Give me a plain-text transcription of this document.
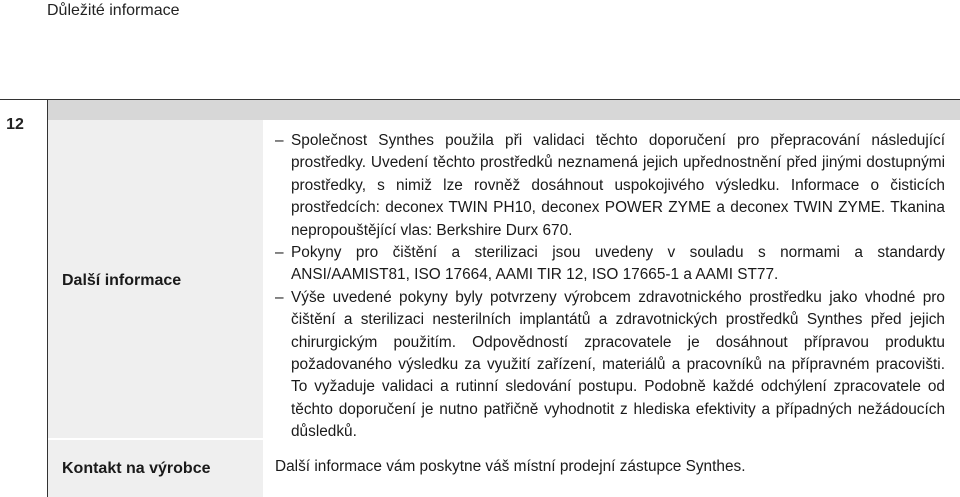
Důležité informace
12
Další informace
Kontakt na výrobce
– Společnost Synthes použila při validaci těchto doporučení pro přepracování následující prostředky. Uvedení těchto prostředků neznamená jejich upřednostnění před jinými dostupnými prostředky, s nimiž lze rovněž dosáhnout uspokojivého výsledku. Informace o čisticích prostředcích: deconex TWIN PH10, deconex POWER ZYME a deconex TWIN ZYME. Tkanina nepropouštějící vlas: Berkshire Durx 670.
– Pokyny pro čištění a sterilizaci jsou uvedeny v souladu s normami a standardy ANSI/AAMIST81, ISO 17664, AAMI TIR 12, ISO 17665-1 a AAMI ST77.
– Výše uvedené pokyny byly potvrzeny výrobcem zdravotnického prostředku jako vhodné pro čištění a sterilizaci nesterilních implantátů a zdravotnických prostředků Synthes před jejich chirurgickým použitím. Odpovědností zpracovatele je dosáhnout přípravou produktu požadovaného výsledku za využití zařízení, materiálů a pracovníků na přípravném pracovišti. To vyžaduje validaci a rutinní sledování postupu. Podobně každé odchýlení zpracovatele od těchto doporučení je nutno patřičně vyhodnotit z hlediska efektivity a případných nežádoucích důsledků.
Další informace vám poskytne váš místní prodejní zástupce Synthes.
